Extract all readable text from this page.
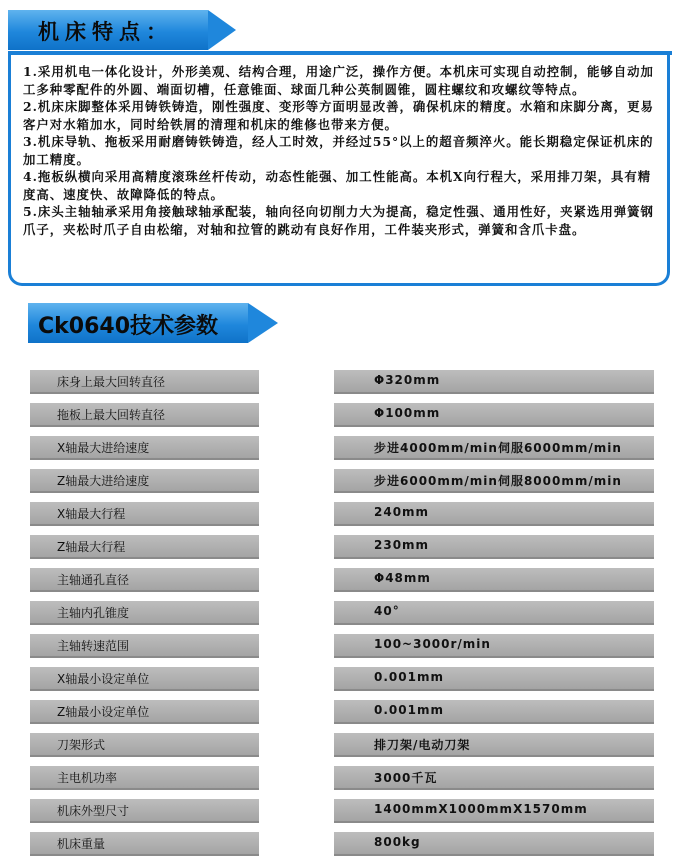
机床特点：
1.采用机电一体化设计，外形美观、结构合理，用途广泛，操作方便。本机床可实现自动控制，能够自动加工多种零配件的外圆、端面切槽，任意锥面、球面几种公英制圆锥，圆柱螺纹和攻螺纹等特点。
2.机床床脚整体采用铸铁铸造，刚性强度、变形等方面明显改善，确保机床的精度。水箱和床脚分离，更易客户对水箱加水，同时给铁屑的清理和机床的维修也带来方便。
3.机床导轨、拖板采用耐磨铸铁铸造，经人工时效，并经过55°以上的超音频淬火。能长期稳定保证机床的加工精度。
4.拖板纵横向采用高精度滚珠丝杆传动，动态性能强、加工性能高。本机X向行程大，采用排刀架，具有精度高、速度快、故障降低的特点。
5.床头主轴轴承采用角接触球轴承配装，轴向径向切削力大为提高，稳定性强、通用性好，夹紧选用弹簧钢爪子，夹松时爪子自由松缩，对轴和拉管的跳动有良好作用，工件装夹形式，弹簧和含爪卡盘。
Ck0640技术参数
床身上最大回转直径	Φ320mm
拖板上最大回转直径	Φ100mm
X轴最大进给速度	步进4000mm/min伺服6000mm/min
Z轴最大进给速度	步进6000mm/min伺服8000mm/min
X轴最大行程	240mm
Z轴最大行程	230mm
主轴通孔直径	Φ48mm
主轴内孔锥度	40°
主轴转速范围	100~3000r/min
X轴最小设定单位	0.001mm
Z轴最小设定单位	0.001mm
刀架形式	排刀架/电动刀架
主电机功率	3000千瓦
机床外型尺寸	1400mmX1000mmX1570mm
机床重量	800kg
